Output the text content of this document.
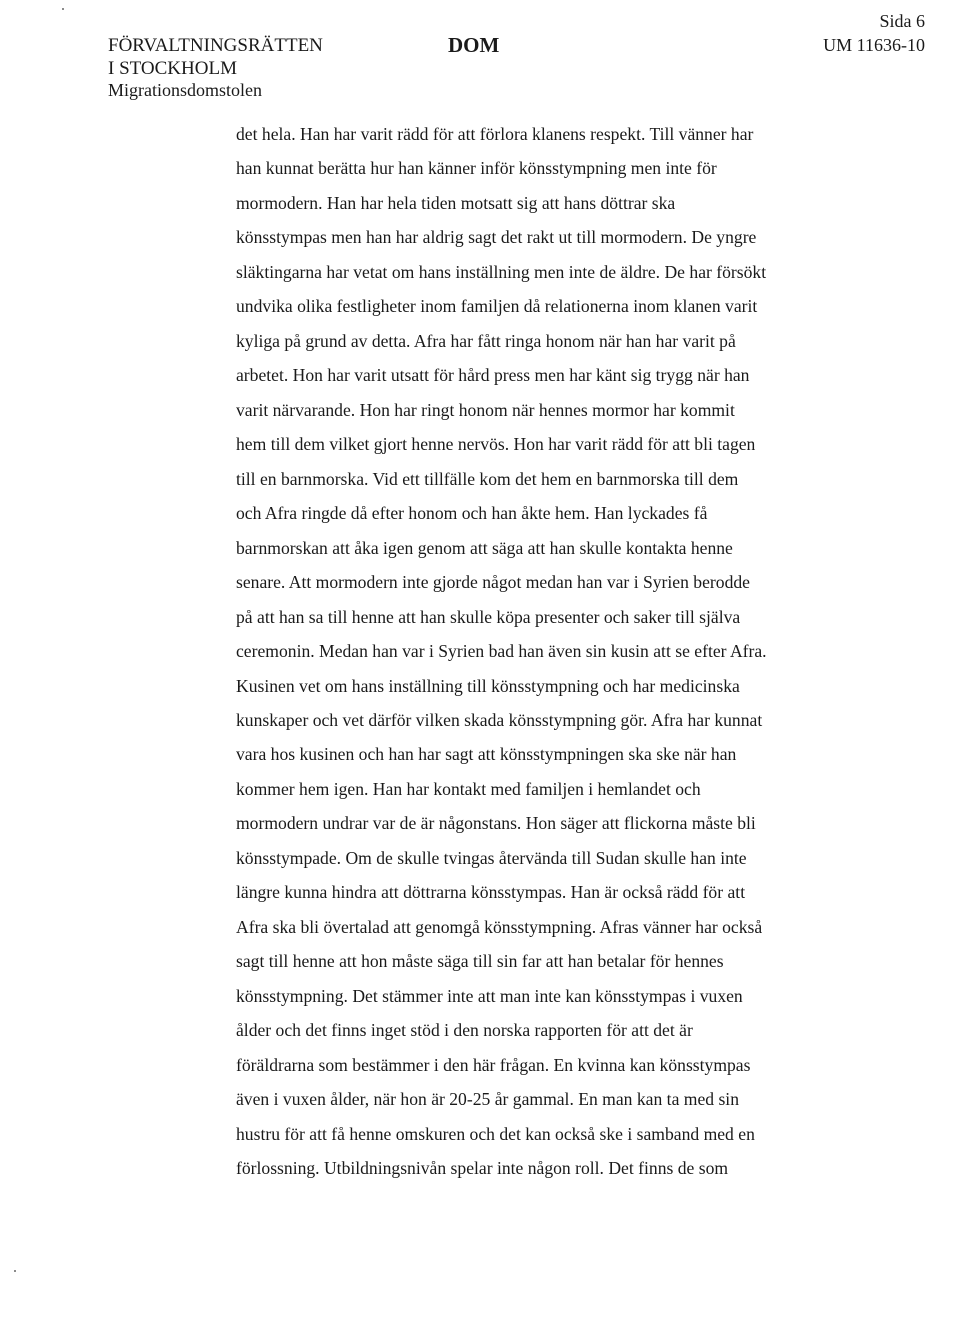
FÖRVALTNINGSRÄTTEN

I STOCKHOLM

Migrationsdomstolen

DOM

Sida 6

UM 11636-10

det hela. Han har varit rädd för att förlora klanens respekt. Till vänner har

han kunnat berätta hur han känner inför könsstympning men inte för

mormodern. Han har hela tiden motsatt sig att hans döttrar ska

könsstympas men han har aldrig sagt det rakt ut till mormodern. De yngre

släktingarna har vetat om hans inställning men inte de äldre. De har försökt

undvika olika festligheter inom familjen då relationerna inom klanen varit

kyliga på grund av detta. Afra har fått ringa honom när han har varit på

arbetet. Hon har varit utsatt för hård press men har känt sig trygg när han

varit närvarande. Hon har ringt honom när hennes mormor har kommit

hem till dem vilket gjort henne nervös. Hon har varit rädd för att bli tagen

till en barnmorska. Vid ett tillfälle kom det hem en barnmorska till dem

och Afra ringde då efter honom och han åkte hem. Han lyckades få

barnmorskan att åka igen genom att säga att han skulle kontakta henne

senare. Att mormodern inte gjorde något medan han var i Syrien berodde

på att han sa till henne att han skulle köpa presenter och saker till själva

ceremonin. Medan han var i Syrien bad han även sin kusin att se efter Afra.

Kusinen vet om hans inställning till könsstympning och har medicinska

kunskaper och vet därför vilken skada könsstympning gör. Afra har kunnat

vara hos kusinen och han har sagt att könsstympningen ska ske när han

kommer hem igen. Han har kontakt med familjen i hemlandet och

mormodern undrar var de är någonstans. Hon säger att flickorna måste bli

könsstympade. Om de skulle tvingas återvända till Sudan skulle han inte

längre kunna hindra att döttrarna könsstympas. Han är också rädd för att

Afra ska bli övertalad att genomgå könsstympning. Afras vänner har också

sagt till henne att hon måste säga till sin far att han betalar för hennes

könsstympning. Det stämmer inte att man inte kan könsstympas i vuxen

ålder och det finns inget stöd i den norska rapporten för att det är

föräldrarna som bestämmer i den här frågan. En kvinna kan könsstympas

även i vuxen ålder, när hon är 20-25 år gammal. En man kan ta med sin

hustru för att få henne omskuren och det kan också ske i samband med en

förlossning. Utbildningsnivån spelar inte någon roll. Det finns de som
